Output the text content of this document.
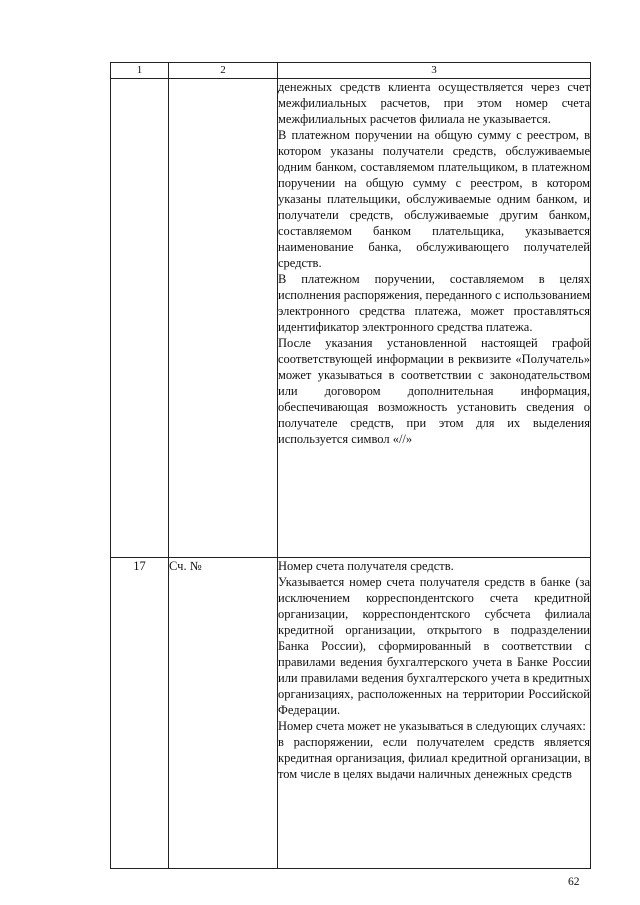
1	2	3

		денежных средств клиента осуществляется через счет межфилиальных расчетов, при этом номер счета межфилиальных расчетов филиала не указывается.
В платежном поручении на общую сумму с реестром, в котором указаны получатели средств, обслуживаемые одним банком, составляемом плательщиком, в платежном поручении на общую сумму с реестром, в котором указаны плательщики, обслуживаемые одним банком, и получатели средств, обслуживаемые другим банком, составляемом банком плательщика, указывается наименование банка, обслуживающего получателей средств.
В платежном поручении, составляемом в целях исполнения распоряжения, переданного с использованием электронного средства платежа, может проставляться идентификатор электронного средства платежа.
После указания установленной настоящей графой соответствующей информации в реквизите «Получатель» может указываться в соответствии с законодательством или договором дополнительная информация, обеспечивающая возможность установить сведения о получателе средств, при этом для их выделения используется символ «//»

17	Сч. №	Номер счета получателя средств.
Указывается номер счета получателя средств в банке (за исключением корреспондентского счета кредитной организации, корреспондентского субсчета филиала кредитной организации, открытого в подразделении Банка России), сформированный в соответствии с правилами ведения бухгалтерского учета в Банке России или правилами ведения бухгалтерского учета в кредитных организациях, расположенных на территории Российской Федерации.
Номер счета может не указываться в следующих случаях:
в распоряжении, если получателем средств является кредитная организация, филиал кредитной организации, в том числе в целях выдачи наличных денежных средств
62
